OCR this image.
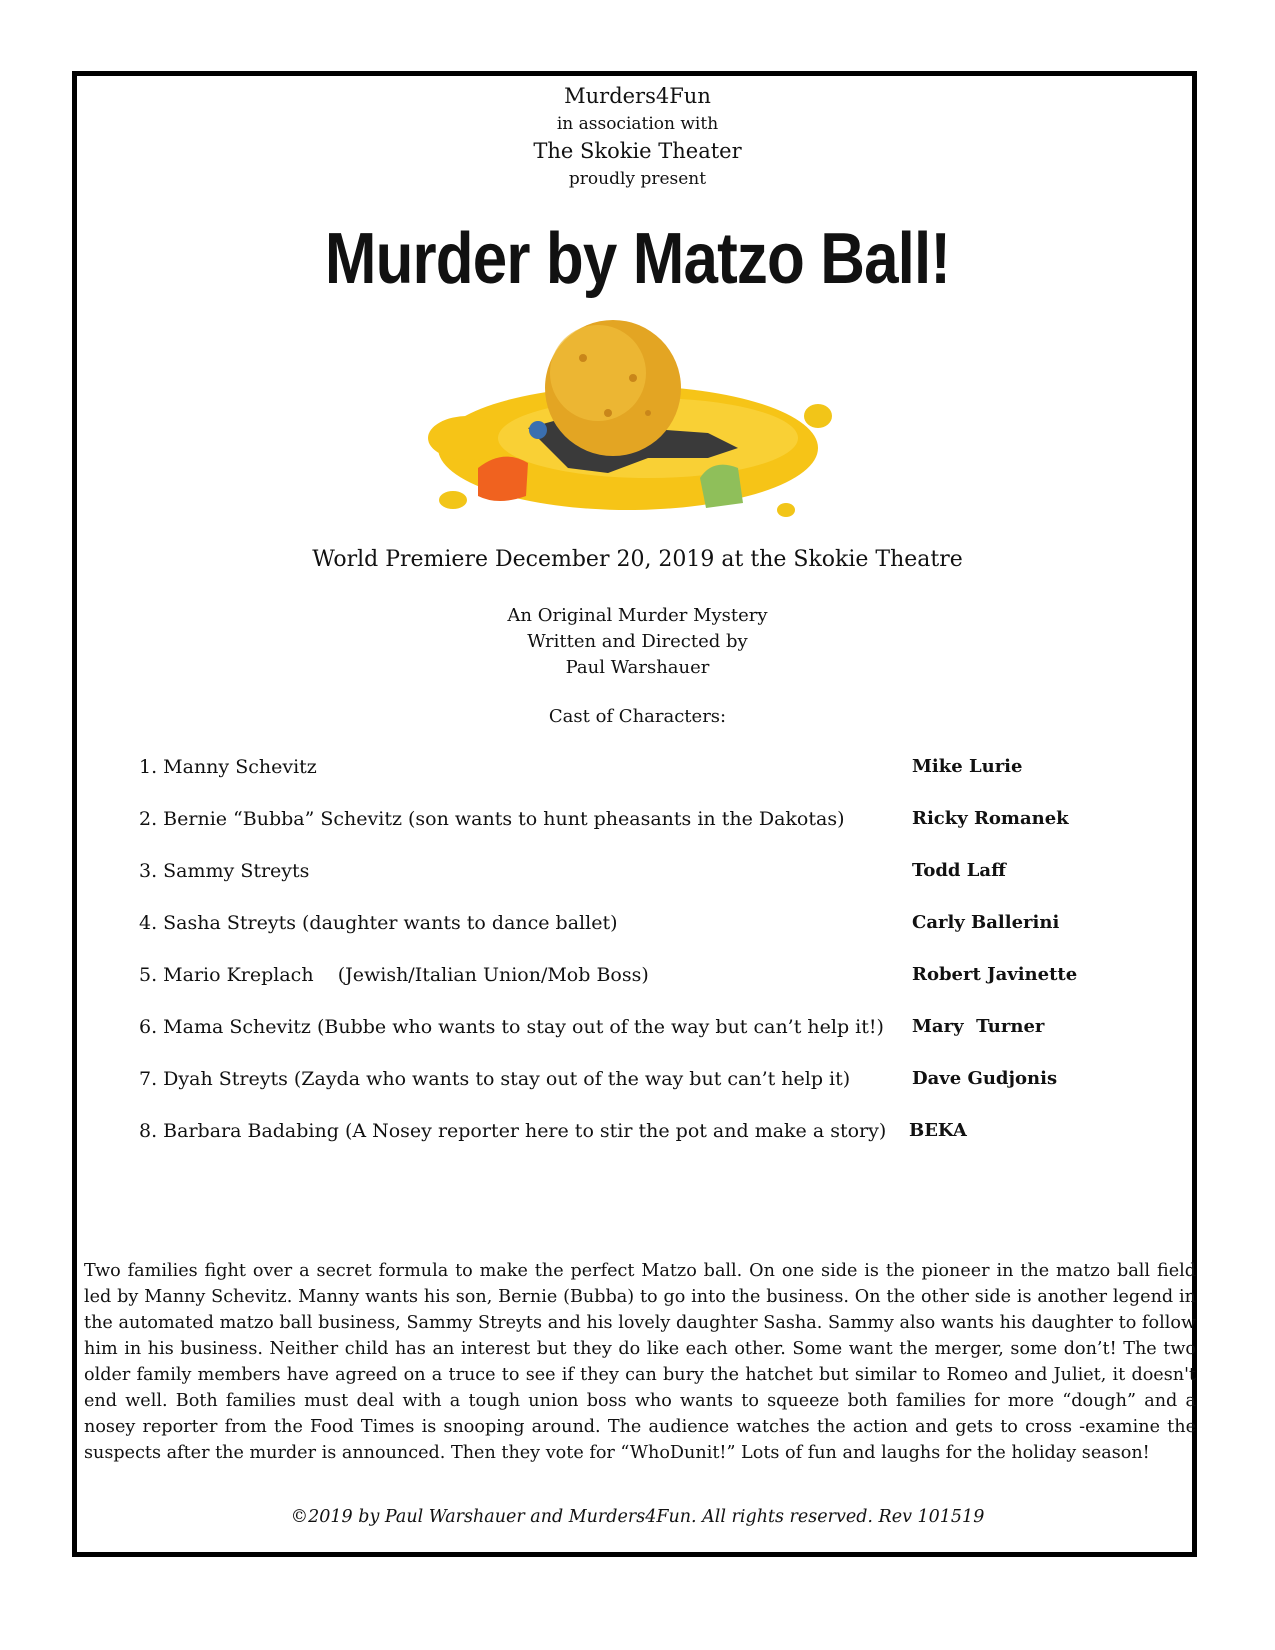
Murders4Fun
in association with
The Skokie Theater
proudly present
Murder by Matzo Ball!
World Premiere December 20, 2019 at the Skokie Theatre
An Original Murder Mystery
Written and Directed by
Paul Warshauer
Cast of Characters:
1. Manny Schevitz	Mike Lurie
2. Bernie “Bubba” Schevitz (son wants to hunt pheasants in the Dakotas)	Ricky Romanek
3. Sammy Streyts	Todd Laff
4. Sasha Streyts (daughter wants to dance ballet)	Carly Ballerini
5. Mario Kreplach    (Jewish/Italian Union/Mob Boss)	Robert Javinette
6. Mama Schevitz (Bubbe who wants to stay out of the way but can’t help it!) Mary  Turner
7. Dyah Streyts (Zayda who wants to stay out of the way but can’t help it)	Dave Gudjonis
8. Barbara Badabing (A Nosey reporter here to stir the pot and make a story) BEKA
Two families fight over a secret formula to make the perfect Matzo ball. On one side is the pioneer in the matzo ball field led by Manny Schevitz. Manny wants his son, Bernie (Bubba) to go into the business. On the other side is another legend in the automated matzo ball business, Sammy Streyts and his lovely daughter Sasha. Sammy also wants his daughter to follow him in his business. Neither child has an interest but they do like each other. Some want the merger, some don’t! The two older family members have agreed on a truce to see if they can bury the hatchet but similar to Romeo and Juliet, it doesn't end well. Both families must deal with a tough union boss who wants to squeeze both families for more “dough” and a nosey reporter from the Food Times is snooping around. The audience watches the action and gets to cross -examine the suspects after the murder is announced. Then they vote for “WhoDunit!” Lots of fun and laughs for the holiday season!
©2019 by Paul Warshauer and Murders4Fun. All rights reserved. Rev 101519
